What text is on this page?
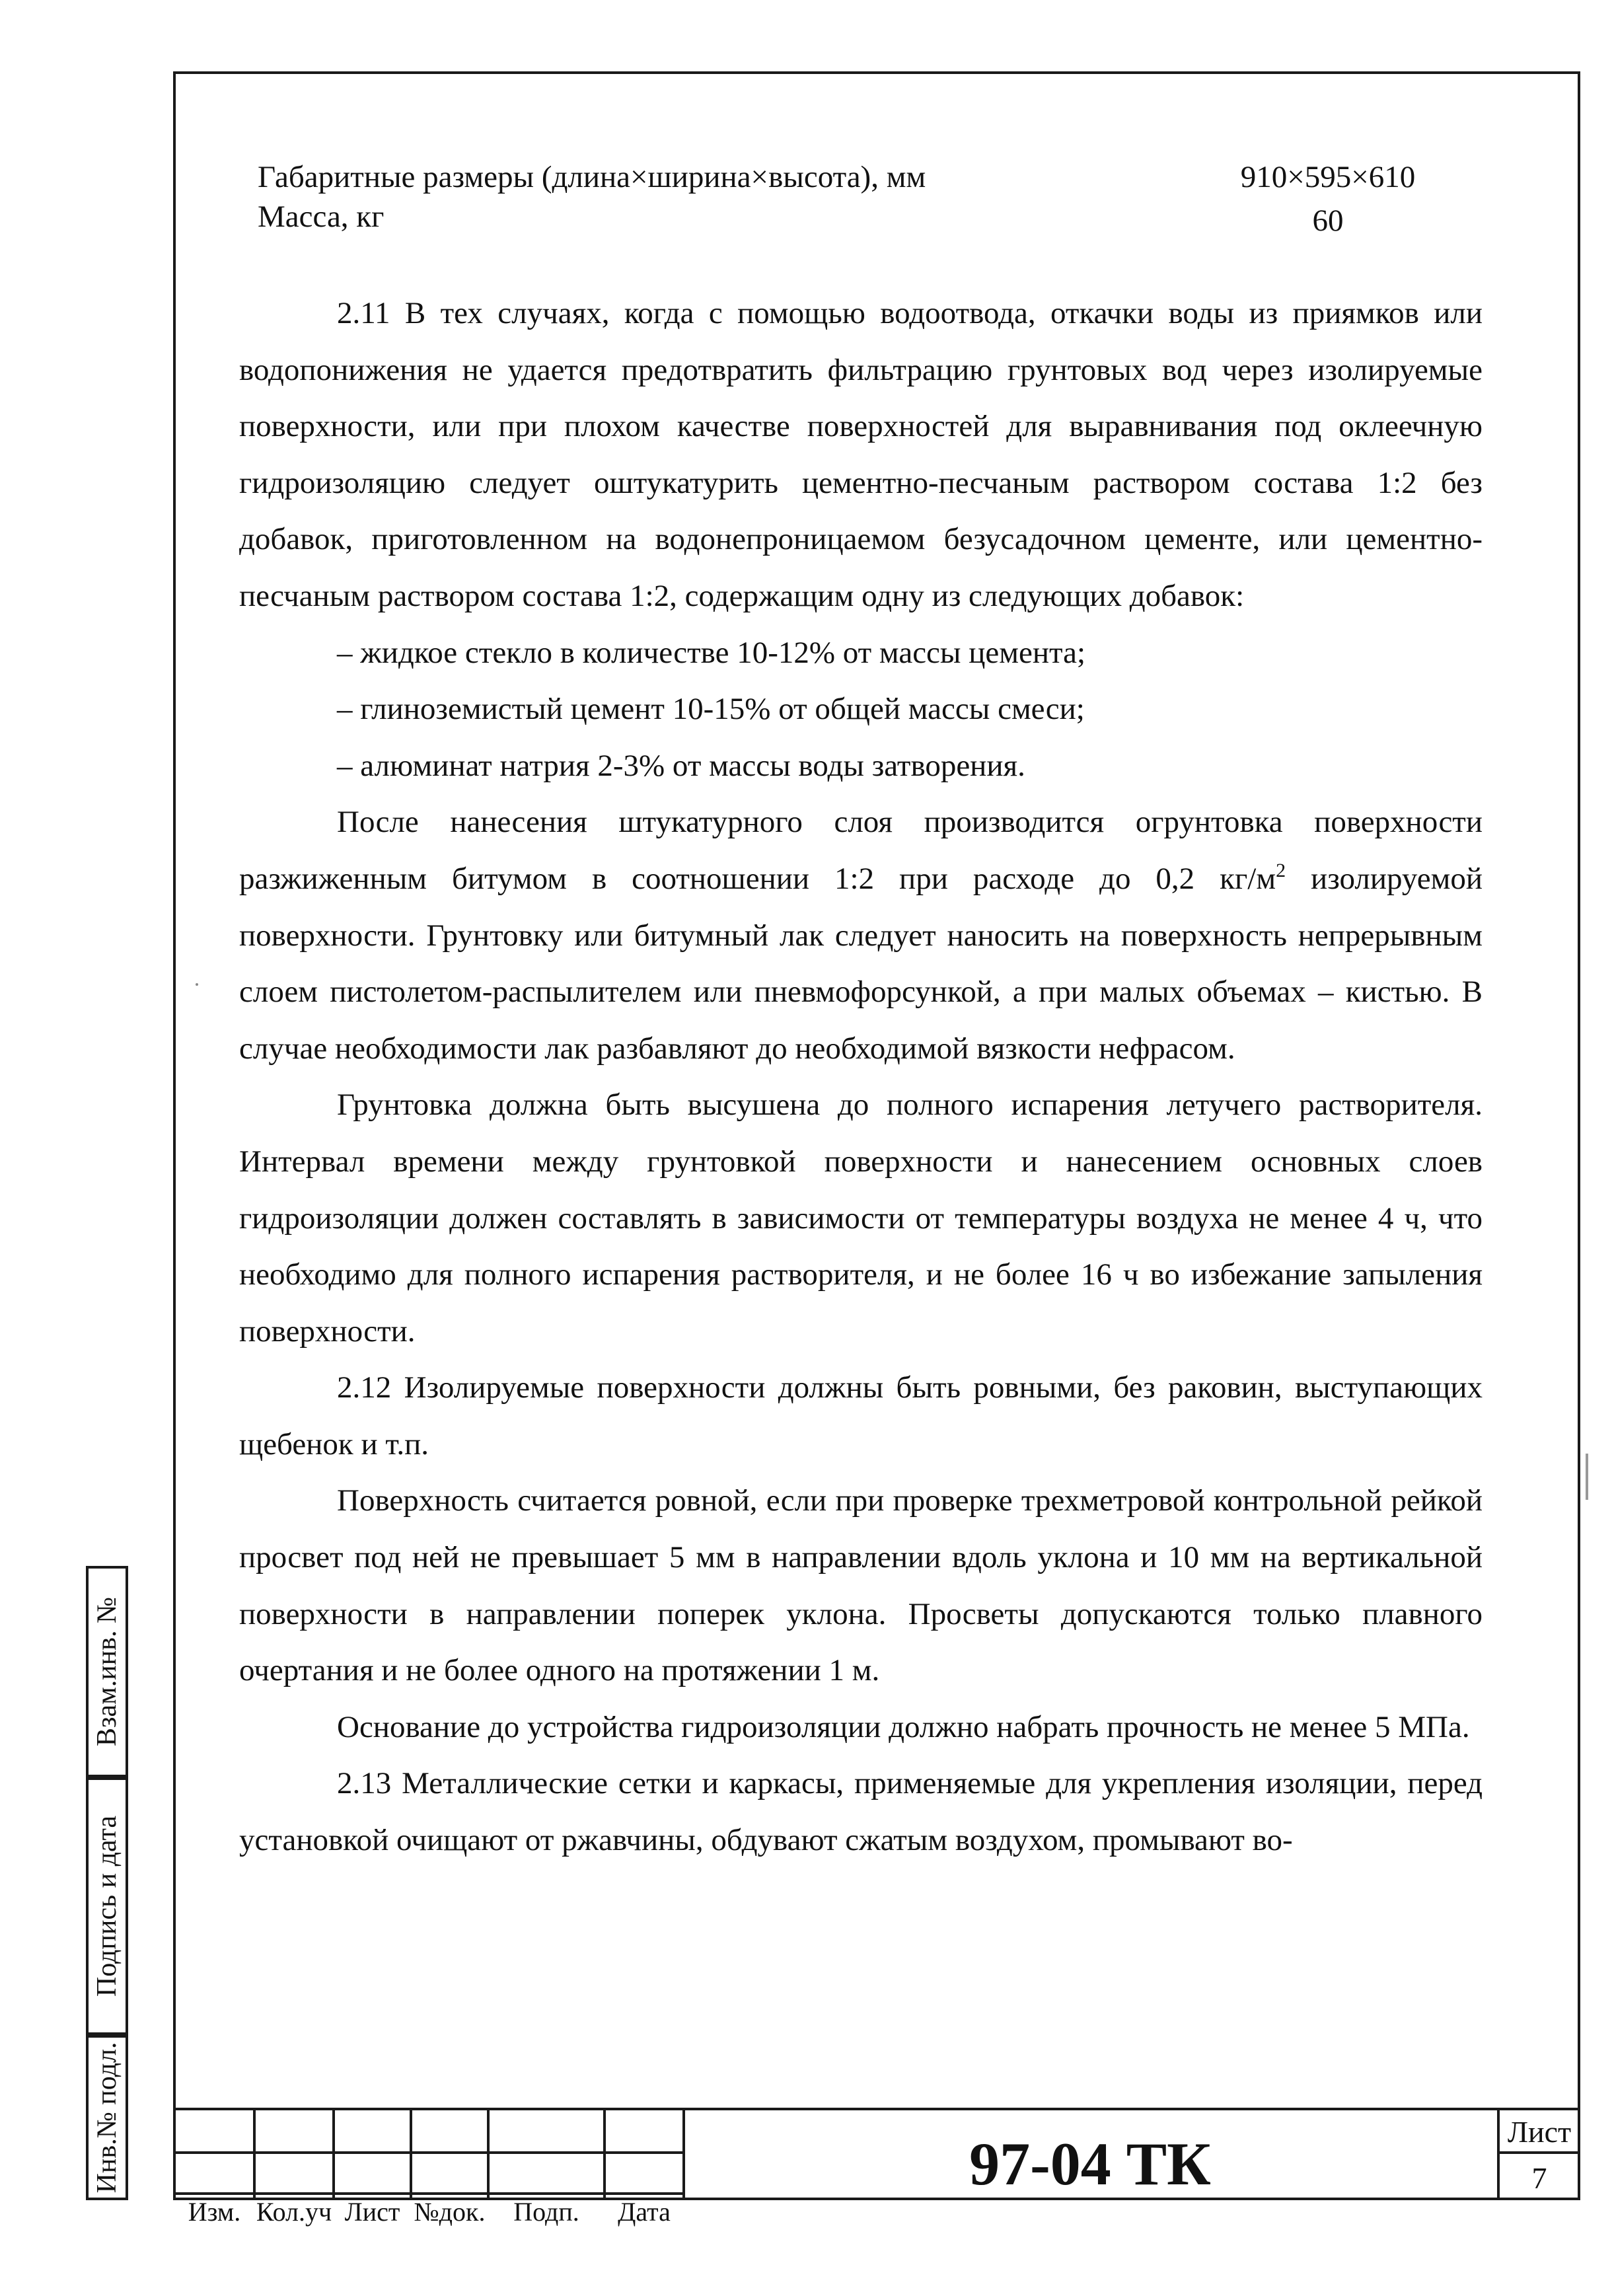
Габаритные размеры (длина×ширина×высота), мм	910×595×610
Масса, кг	60

2.11 В тех случаях, когда с помощью водоотвода, откачки воды из приямков или водопонижения не удается предотвратить фильтрацию грунтовых вод через изолируемые поверхности, или при плохом качестве поверхностей для выравнивания под оклеечную гидроизоляцию следует оштукатурить цементно-песчаным раствором состава 1:2 без добавок, приготовленном на водонепроницаемом безусадочном цементе, или цементно-песчаным раствором состава 1:2, содержащим одну из следующих добавок:

– жидкое стекло в количестве 10-12% от массы цемента;

– глиноземистый цемент 10-15% от общей массы смеси;

– алюминат натрия 2-3% от массы воды затворения.

После нанесения штукатурного слоя производится огрунтовка поверхности разжиженным битумом в соотношении 1:2 при расходе до 0,2 $кг/м^2$ изолируемой поверхности. Грунтовку или битумный лак следует наносить на поверхность непрерывным слоем пистолетом-распылителем или пневмофорсункой, а при малых объемах – кистью. В случае необходимости лак разбавляют до необходимой вязкости нефрасом.

Грунтовка должна быть высушена до полного испарения летучего растворителя. Интервал времени между грунтовкой поверхности и нанесением основных слоев гидроизоляции должен составлять в зависимости от температуры воздуха не менее 4 ч, что необходимо для полного испарения растворителя, и не более 16 ч во избежание запыления поверхности.

2.12 Изолируемые поверхности должны быть ровными, без раковин, выступающих щебенок и т.п.

Поверхность считается ровной, если при проверке трехметровой контрольной рейкой просвет под ней не превышает 5 мм в направлении вдоль уклона и 10 мм на вертикальной поверхности в направлении поперек уклона. Просветы допускаются только плавного очертания и не более одного на протяжении 1 м.

Основание до устройства гидроизоляции должно набрать прочность не менее 5 МПа.

2.13 Металлические сетки и каркасы, применяемые для укрепления изоляции, перед установкой очищают от ржавчины, обдувают сжатым воздухом, промывают во-

Взам.инв. №
Подпись и дата
Инв.№ подл.
Изм. Кол.уч Лист №док.	Подп.	Дата
97-04 ТК	Лист
7
